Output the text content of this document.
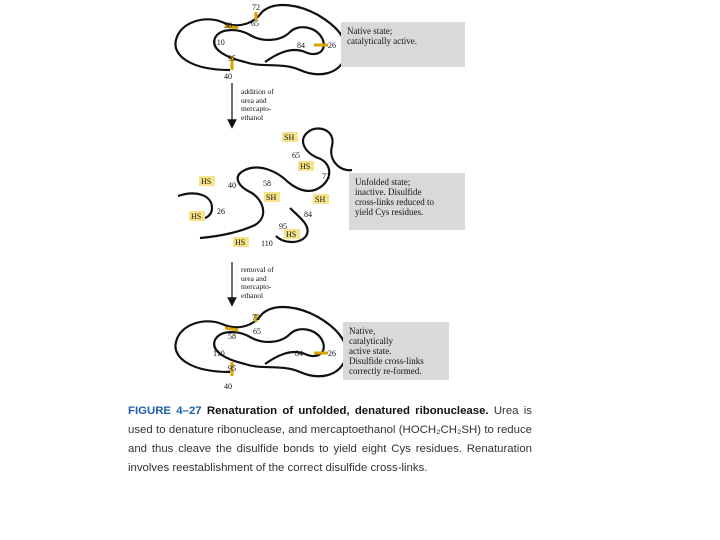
72
65
58
110	84	26
95
40
SH
HS
HS
SH	SH
HS
HS
HS
65
72
40	58
26	84
95
110
72
65
58
110	84	26
95
40
Native state;
catalytically active.
Unfolded state;
inactive. Disulfide
cross-links reduced to
yield Cys residues.
Native,
catalytically
active state.
Disulfide cross-links
correctly re-formed.
addition of
urea and
mercapto-
ethanol
removal of
urea and
mercapto-
ethanol
FIGURE 4–27 Renaturation of unfolded, denatured ribonuclease. Urea is used to denature ribonuclease, and mercaptoethanol (HOCH₂CH₂SH) to reduce and thus cleave the disulfide bonds to yield eight Cys residues. Renaturation involves reestablishment of the correct disulfide cross-links.
